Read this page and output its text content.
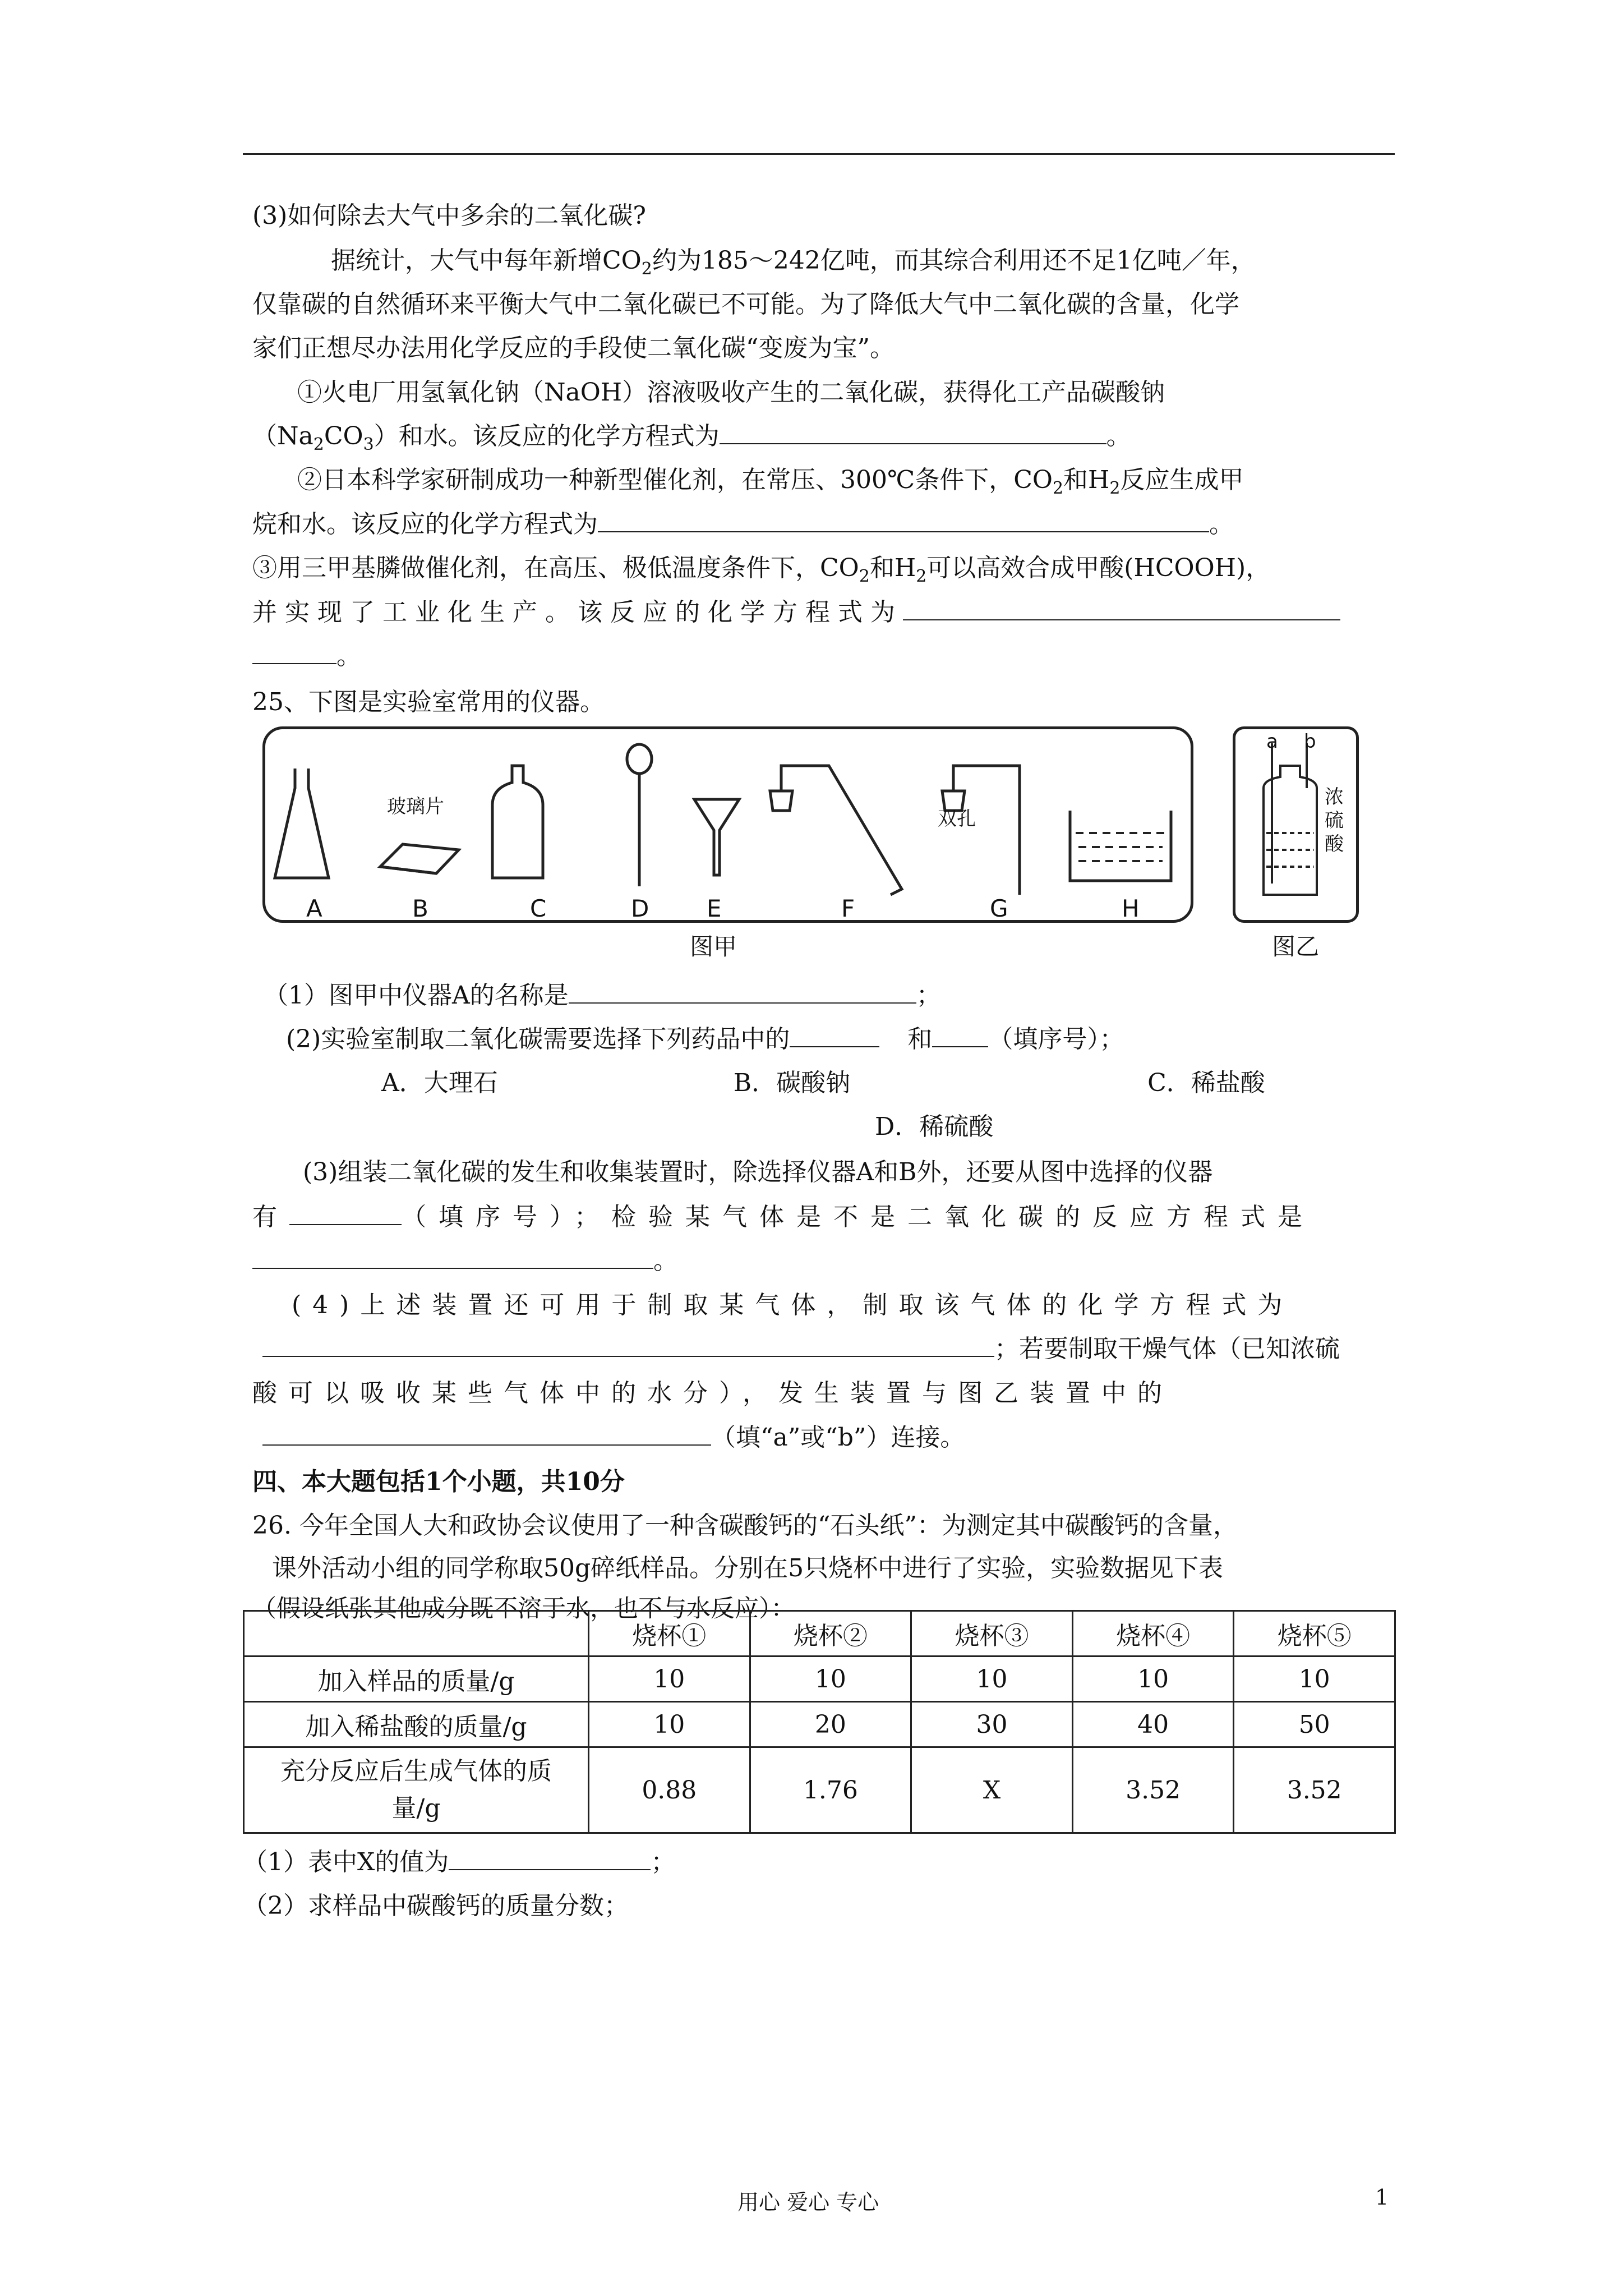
(3)如何除去大气中多余的二氧化碳?
据统计，大气中每年新增$CO_2$约为185～242亿吨，而其综合利用还不足1亿吨／年，
仅靠碳的自然循环来平衡大气中二氧化碳已不可能。为了降低大气中二氧化碳的含量，化学
家们正想尽办法用化学反应的手段使二氧化碳“变废为宝”。
①火电厂用氢氧化钠（NaOH）溶液吸收产生的二氧化碳，获得化工产品碳酸钠
$(Na_2CO_3)$和水。该反应的化学方程式为	。
②日本科学家研制成功一种新型催化剂，在常压、300℃条件下，$CO_2$和$H_2$反应生成甲
烷和水。该反应的化学方程式为	。
③用三甲基膦做催化剂，在高压、极低温度条件下，$CO_2$和$H_2$可以高效合成甲酸(HCOOH)，
并实现了工业化生产。该反应的化学方程式为
。
25、下图是实验室常用的仪器。
A	B	C	D E	F	G	H
玻璃片
双孔
图甲
a b
浓硫酸
图乙
（1）图甲中仪器A的名称是	；
(2)实验室制取二氧化碳需要选择下列药品中的	和 （填序号）；
A．大理石	B．碳酸钠	C．稀盐酸
D．稀硫酸
(3)组装二氧化碳的发生和收集装置时，除选择仪器A和B外，还要从图中选择的仪器
有	（填序号）；检验某气体是不是二氧化碳的反应方程式是
。
(4)上述装置还可用于制取某气体，制取该气体的化学方程式为
；若要制取干燥气体（已知浓硫
酸可以吸收某些气体中的水分），发生装置与图乙装置中的
（填“a”或“b”）连接。
四、本大题包括1个小题，共10分
26. 今年全国人大和政协会议使用了一种含碳酸钙的“石头纸”：为测定其中碳酸钙的含量，
课外活动小组的同学称取50g碎纸样品。分别在5只烧杯中进行了实验，实验数据见下表
（假设纸张其他成分既不溶于水，也不与水反应）：
	烧杯①	烧杯②	烧杯③	烧杯④	烧杯⑤
加入样品的质量/g	10	10	10	10	10
加入稀盐酸的质量/g	10	20	30	40	50
充分反应后生成气体的质
量/g	0.88	1.76	X	3.52	3.52
（1）表中X的值为	；
（2）求样品中碳酸钙的质量分数；
用心 爱心 专心	1
